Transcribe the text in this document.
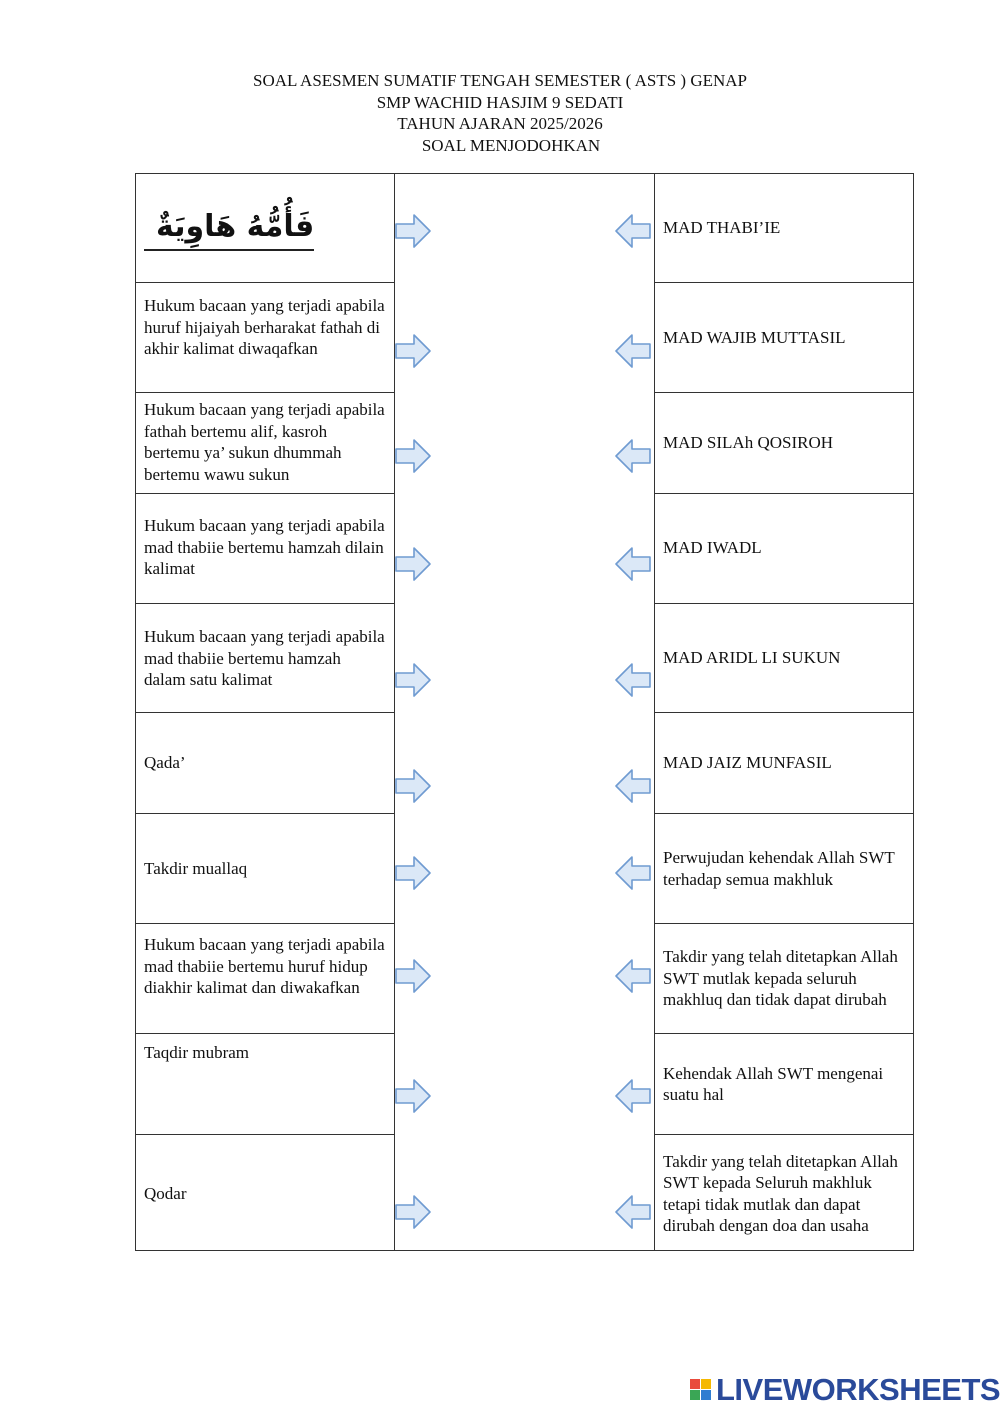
SOAL ASESMEN SUMATIF TENGAH SEMESTER ( ASTS ) GENAP
SMP WACHID HASJIM 9 SEDATI
TAHUN AJARAN 2025/2026
SOAL MENJODOHKAN
فَأُمُّهُ هَاوِيَةٌ
Hukum bacaan yang terjadi apabila huruf hijaiyah berharakat fathah di akhir kalimat diwaqafkan
Hukum bacaan yang terjadi apabila fathah bertemu alif, kasroh bertemu ya’ sukun dhummah bertemu wawu sukun
Hukum bacaan yang terjadi apabila mad thabiie bertemu hamzah dilain kalimat
Hukum bacaan yang terjadi apabila mad thabiie bertemu hamzah dalam satu kalimat
Qada’
Takdir muallaq
Hukum bacaan yang terjadi apabila mad thabiie bertemu huruf hidup diakhir kalimat dan diwakafkan
Taqdir mubram
Qodar
MAD THABI’IE
MAD WAJIB MUTTASIL
MAD SILAh QOSIROH
MAD IWADL
MAD ARIDL LI SUKUN
MAD JAIZ MUNFASIL
Perwujudan kehendak Allah SWT terhadap semua makhluk
Takdir yang telah ditetapkan Allah SWT mutlak kepada seluruh makhluq dan tidak dapat dirubah
Kehendak Allah SWT mengenai suatu hal
Takdir yang telah ditetapkan Allah SWT kepada Seluruh makhluk tetapi tidak mutlak dan dapat dirubah dengan doa dan usaha
LIVEWORKSHEETS
